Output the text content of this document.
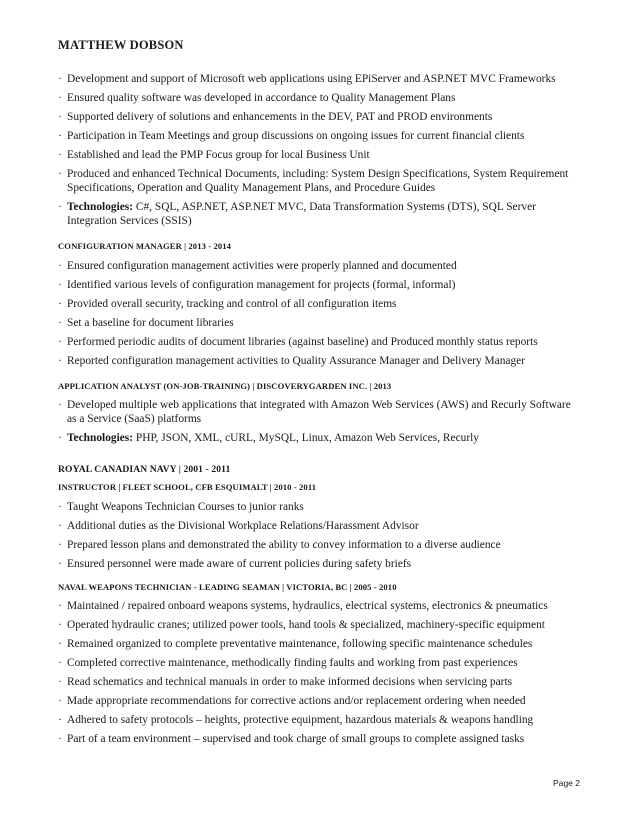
MATTHEW DOBSON
· Development and support of Microsoft web applications using EPiServer and ASP.NET MVC Frameworks
· Ensured quality software was developed in accordance to Quality Management Plans
· Supported delivery of solutions and enhancements in the DEV, PAT and PROD environments
· Participation in Team Meetings and group discussions on ongoing issues for current financial clients
· Established and lead the PMP Focus group for local Business Unit
· Produced and enhanced Technical Documents, including: System Design Specifications, System Requirement Specifications, Operation and Quality Management Plans, and Procedure Guides
· Technologies: C#, SQL, ASP.NET, ASP.NET MVC, Data Transformation Systems (DTS), SQL Server Integration Services (SSIS)
CONFIGURATION MANAGER | 2013 - 2014
· Ensured configuration management activities were properly planned and documented
· Identified various levels of configuration management for projects (formal, informal)
· Provided overall security, tracking and control of all configuration items
· Set a baseline for document libraries
· Performed periodic audits of document libraries (against baseline) and Produced monthly status reports
· Reported configuration management activities to Quality Assurance Manager and Delivery Manager
APPLICATION ANALYST (ON-JOB-TRAINING) | DISCOVERYGARDEN INC. | 2013
· Developed multiple web applications that integrated with Amazon Web Services (AWS) and Recurly Software as a Service (SaaS) platforms
· Technologies: PHP, JSON, XML, cURL, MySQL, Linux, Amazon Web Services, Recurly
ROYAL CANADIAN NAVY | 2001 - 2011
INSTRUCTOR | FLEET SCHOOL, CFB ESQUIMALT | 2010 - 2011
· Taught Weapons Technician Courses to junior ranks
· Additional duties as the Divisional Workplace Relations/Harassment Advisor
· Prepared lesson plans and demonstrated the ability to convey information to a diverse audience
· Ensured personnel were made aware of current policies during safety briefs
NAVAL WEAPONS TECHNICIAN - LEADING SEAMAN | VICTORIA, BC | 2005 - 2010
· Maintained / repaired onboard weapons systems, hydraulics, electrical systems, electronics & pneumatics
· Operated hydraulic cranes; utilized power tools, hand tools & specialized, machinery-specific equipment
· Remained organized to complete preventative maintenance, following specific maintenance schedules
· Completed corrective maintenance, methodically finding faults and working from past experiences
· Read schematics and technical manuals in order to make informed decisions when servicing parts
· Made appropriate recommendations for corrective actions and/or replacement ordering when needed
· Adhered to safety protocols – heights, protective equipment, hazardous materials & weapons handling
· Part of a team environment – supervised and took charge of small groups to complete assigned tasks
Page 2
